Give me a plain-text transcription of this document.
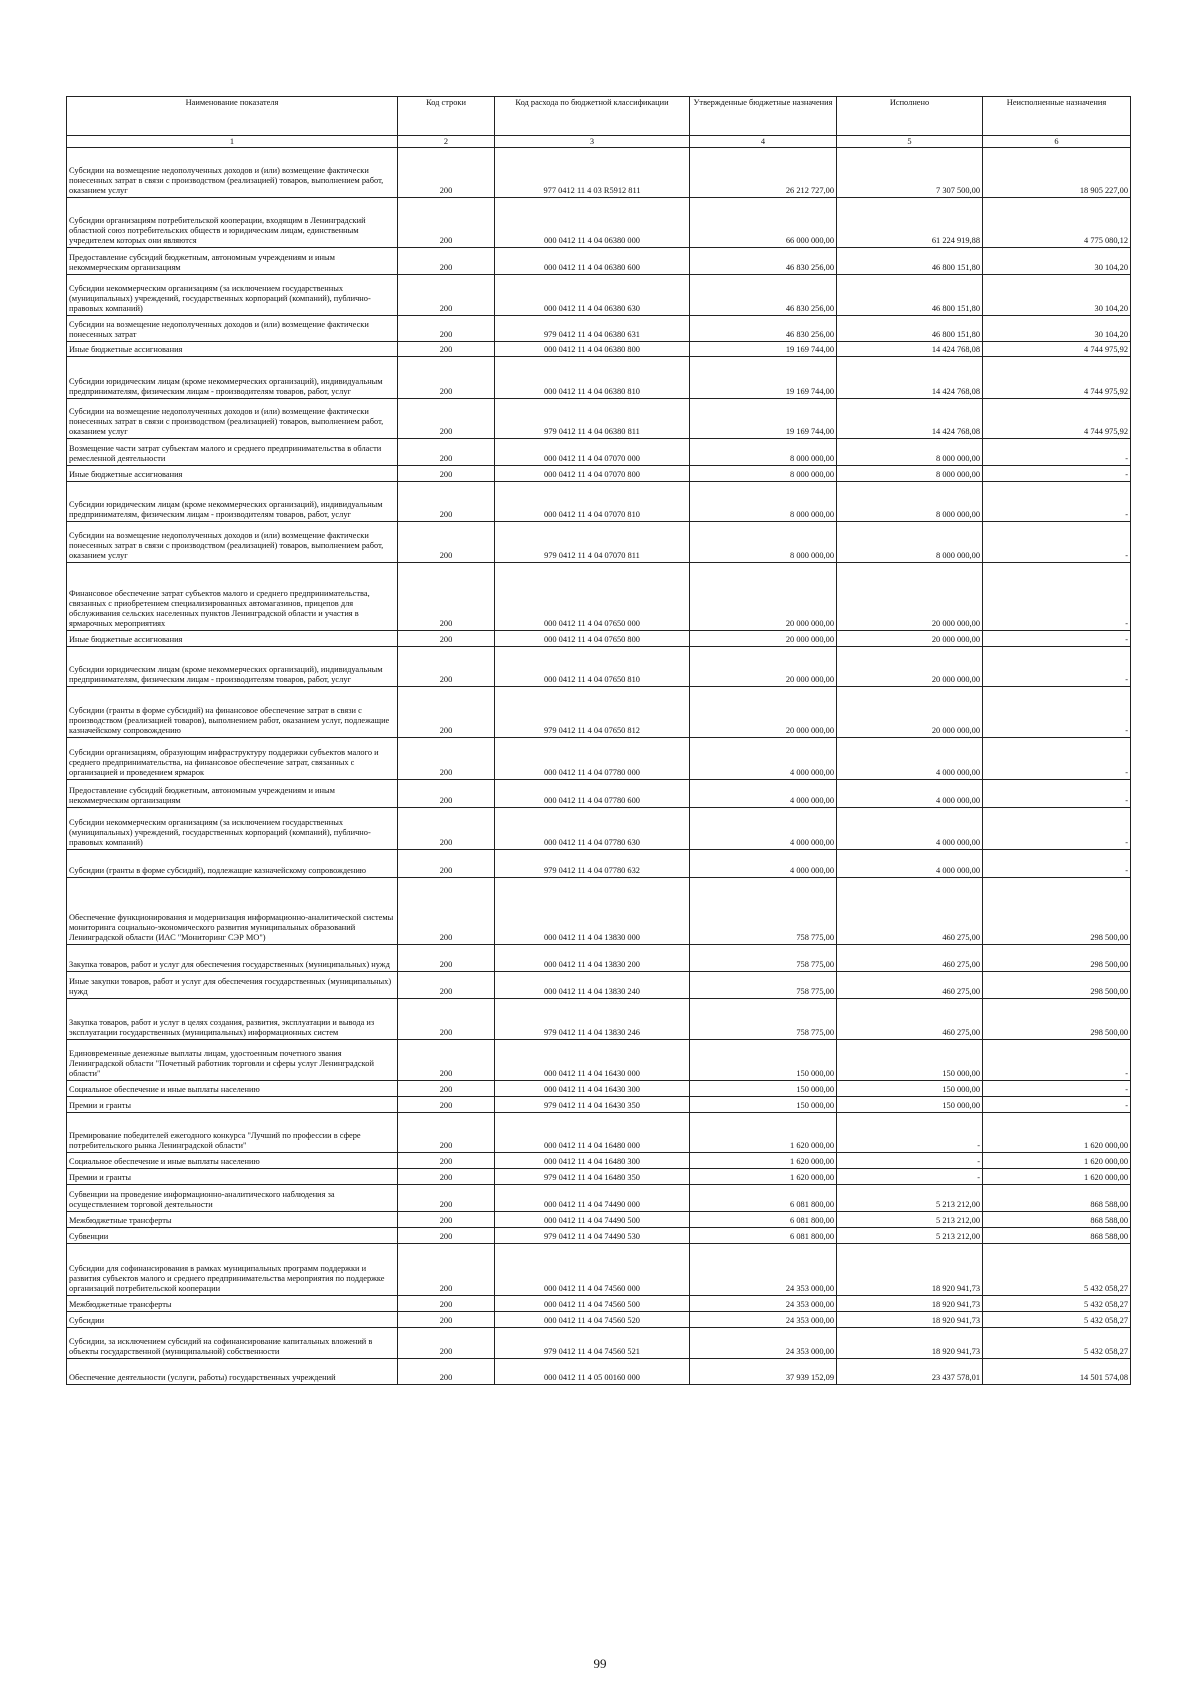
Наименование показателя	Код строки	Код расхода по бюджетной классификации	Утвержденные бюджетные назначения	Исполнено	Неисполненные назначения
1	2	3	4	5	6
Субсидии на возмещение недополученных доходов и (или) возмещение фактически понесенных затрат в связи с производством (реализацией) товаров, выполнением работ, оказанием услуг	200	977 0412 11 4 03 R5912 811	26 212 727,00	7 307 500,00	18 905 227,00
Субсидии организациям потребительской кооперации, входящим в Ленинградский областной союз потребительских обществ и юридическим лицам, единственным учредителем которых они являются	200	000 0412 11 4 04 06380 000	66 000 000,00	61 224 919,88	4 775 080,12
Предоставление субсидий бюджетным, автономным учреждениям и иным некоммерческим организациям	200	000 0412 11 4 04 06380 600	46 830 256,00	46 800 151,80	30 104,20
Субсидии некоммерческим организациям (за исключением государственных (муниципальных) учреждений, государственных корпораций (компаний), публично-правовых компаний)	200	000 0412 11 4 04 06380 630	46 830 256,00	46 800 151,80	30 104,20
Субсидии на возмещение недополученных доходов и (или) возмещение фактически понесенных затрат	200	979 0412 11 4 04 06380 631	46 830 256,00	46 800 151,80	30 104,20
Иные бюджетные ассигнования	200	000 0412 11 4 04 06380 800	19 169 744,00	14 424 768,08	4 744 975,92
Субсидии юридическим лицам (кроме некоммерческих организаций), индивидуальным предпринимателям, физическим лицам - производителям товаров, работ, услуг	200	000 0412 11 4 04 06380 810	19 169 744,00	14 424 768,08	4 744 975,92
Субсидии на возмещение недополученных доходов и (или) возмещение фактически понесенных затрат в связи с производством (реализацией) товаров, выполнением работ, оказанием услуг	200	979 0412 11 4 04 06380 811	19 169 744,00	14 424 768,08	4 744 975,92
Возмещение части затрат субъектам малого и среднего предпринимательства в области ремесленной деятельности	200	000 0412 11 4 04 07070 000	8 000 000,00	8 000 000,00	-
Иные бюджетные ассигнования	200	000 0412 11 4 04 07070 800	8 000 000,00	8 000 000,00	-
Субсидии юридическим лицам (кроме некоммерческих организаций), индивидуальным предпринимателям, физическим лицам - производителям товаров, работ, услуг	200	000 0412 11 4 04 07070 810	8 000 000,00	8 000 000,00	-
Субсидии на возмещение недополученных доходов и (или) возмещение фактически понесенных затрат в связи с производством (реализацией) товаров, выполнением работ, оказанием услуг	200	979 0412 11 4 04 07070 811	8 000 000,00	8 000 000,00	-
Финансовое обеспечение затрат субъектов малого и среднего предпринимательства, связанных с приобретением специализированных автомагазинов, прицепов для обслуживания сельских населенных пунктов Ленинградской области и участия в ярмарочных мероприятиях	200	000 0412 11 4 04 07650 000	20 000 000,00	20 000 000,00	-
Иные бюджетные ассигнования	200	000 0412 11 4 04 07650 800	20 000 000,00	20 000 000,00	-
Субсидии юридическим лицам (кроме некоммерческих организаций), индивидуальным предпринимателям, физическим лицам - производителям товаров, работ, услуг	200	000 0412 11 4 04 07650 810	20 000 000,00	20 000 000,00	-
Субсидии (гранты в форме субсидий) на финансовое обеспечение затрат в связи с производством (реализацией товаров), выполнением работ, оказанием услуг, подлежащие казначейскому сопровождению	200	979 0412 11 4 04 07650 812	20 000 000,00	20 000 000,00	-
Субсидии организациям, образующим инфраструктуру поддержки субъектов малого и среднего предпринимательства, на финансовое обеспечение затрат, связанных с организацией и проведением ярмарок	200	000 0412 11 4 04 07780 000	4 000 000,00	4 000 000,00	-
Предоставление субсидий бюджетным, автономным учреждениям и иным некоммерческим организациям	200	000 0412 11 4 04 07780 600	4 000 000,00	4 000 000,00	-
Субсидии некоммерческим организациям (за исключением государственных (муниципальных) учреждений, государственных корпораций (компаний), публично-правовых компаний)	200	000 0412 11 4 04 07780 630	4 000 000,00	4 000 000,00	-
Субсидии (гранты в форме субсидий), подлежащие казначейскому сопровождению	200	979 0412 11 4 04 07780 632	4 000 000,00	4 000 000,00	-
Обеспечение функционирования и модернизация информационно-аналитической системы мониторинга социально-экономического развития муниципальных образований Ленинградской области (ИАС "Мониторинг СЭР МО")	200	000 0412 11 4 04 13830 000	758 775,00	460 275,00	298 500,00
Закупка товаров, работ и услуг для обеспечения государственных (муниципальных) нужд	200	000 0412 11 4 04 13830 200	758 775,00	460 275,00	298 500,00
Иные закупки товаров, работ и услуг для обеспечения государственных (муниципальных) нужд	200	000 0412 11 4 04 13830 240	758 775,00	460 275,00	298 500,00
Закупка товаров, работ и услуг в целях создания, развития, эксплуатации и вывода из эксплуатации государственных (муниципальных) информационных систем	200	979 0412 11 4 04 13830 246	758 775,00	460 275,00	298 500,00
Единовременные денежные выплаты лицам, удостоенным почетного звания Ленинградской области "Почетный работник торговли и сферы услуг Ленинградской области"	200	000 0412 11 4 04 16430 000	150 000,00	150 000,00	-
Социальное обеспечение и иные выплаты населению	200	000 0412 11 4 04 16430 300	150 000,00	150 000,00	-
Премии и гранты	200	979 0412 11 4 04 16430 350	150 000,00	150 000,00	-
Премирование победителей ежегодного конкурса "Лучший по профессии в сфере потребительского рынка Ленинградской области"	200	000 0412 11 4 04 16480 000	1 620 000,00	-	1 620 000,00
Социальное обеспечение и иные выплаты населению	200	000 0412 11 4 04 16480 300	1 620 000,00	-	1 620 000,00
Премии и гранты	200	979 0412 11 4 04 16480 350	1 620 000,00	-	1 620 000,00
Субвенции на проведение информационно-аналитического наблюдения за осуществлением торговой деятельности	200	000 0412 11 4 04 74490 000	6 081 800,00	5 213 212,00	868 588,00
Межбюджетные трансферты	200	000 0412 11 4 04 74490 500	6 081 800,00	5 213 212,00	868 588,00
Субвенции	200	979 0412 11 4 04 74490 530	6 081 800,00	5 213 212,00	868 588,00
Субсидии для софинансирования в рамках муниципальных программ поддержки и развития субъектов малого и среднего предпринимательства мероприятия по поддержке организаций потребительской кооперации	200	000 0412 11 4 04 74560 000	24 353 000,00	18 920 941,73	5 432 058,27
Межбюджетные трансферты	200	000 0412 11 4 04 74560 500	24 353 000,00	18 920 941,73	5 432 058,27
Субсидии	200	000 0412 11 4 04 74560 520	24 353 000,00	18 920 941,73	5 432 058,27
Субсидии, за исключением субсидий на софинансирование капитальных вложений в объекты государственной (муниципальной) собственности	200	979 0412 11 4 04 74560 521	24 353 000,00	18 920 941,73	5 432 058,27
Обеспечение деятельности (услуги, работы) государственных учреждений	200	000 0412 11 4 05 00160 000	37 939 152,09	23 437 578,01	14 501 574,08
99
